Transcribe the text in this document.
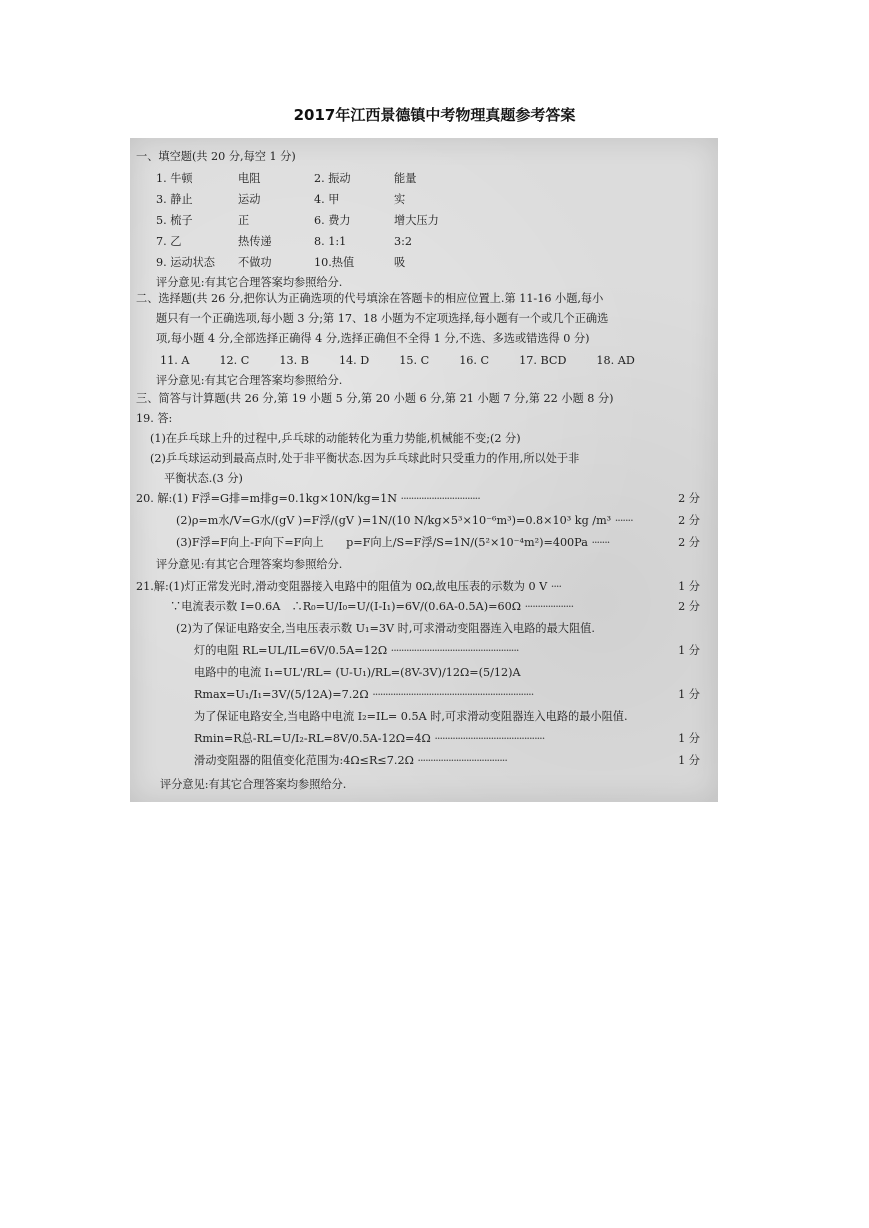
2017年江西景德镇中考物理真题参考答案
一、填空题(共 20 分,每空 1 分)
1. 牛顿	电阻	2. 振动	能量
3. 静止	运动	4. 甲	实
5. 梳子	正	6. 费力	增大压力
7. 乙	热传递	8. 1:1	3:2
9. 运动状态	不做功	10.热值	吸
评分意见:有其它合理答案均参照给分.
二、选择题(共 26 分,把你认为正确选项的代号填涂在答题卡的相应位置上.第 11-16 小题,每小
题只有一个正确选项,每小题 3 分;第 17、18 小题为不定项选择,每小题有一个或几个正确选
项,每小题 4 分,全部选择正确得 4 分,选择正确但不全得 1 分,不选、多选或错选得 0 分)
11. A	12. C	13. B	14. D	15. C	16. C	17. BCD	18. AD
评分意见:有其它合理答案均参照给分.
三、简答与计算题(共 26 分,第 19 小题 5 分,第 20 小题 6 分,第 21 小题 7 分,第 22 小题 8 分)
19. 答:
(1)在乒乓球上升的过程中,乒乓球的动能转化为重力势能,机械能不变;(2 分)
(2)乒乓球运动到最高点时,处于非平衡状态.因为乒乓球此时只受重力的作用,所以处于非
平衡状态.(3 分)
20. 解:(1) F浮=G排=m排g=0.1kg×10N/kg=1N ·······························	2 分
(2)ρ=m水/V=G水/(gV )=F浮/(gV )=1N/(10 N/kg×5³×10⁻⁶m³)=0.8×10³ kg /m³ ·······	2 分
(3)F浮=F向上-F向下=F向上　　p=F向上/S=F浮/S=1N/(5²×10⁻⁴m²)=400Pa ·······	2 分
评分意见:有其它合理答案均参照给分.
21.解:(1)灯正常发光时,滑动变阻器接入电路中的阻值为 0Ω,故电压表的示数为 0 V ····	1 分
∵电流表示数 I=0.6A　∴R₀=U/I₀=U/(I-I₁)=6V/(0.6A-0.5A)=60Ω ···················	2 分
(2)为了保证电路安全,当电压表示数 U₁=3V 时,可求滑动变阻器连入电路的最大阻值.
灯的电阻 RL=UL/IL=6V/0.5A=12Ω ··················································	1 分
电路中的电流 I₁=UL'/RL= (U-U₁)/RL=(8V-3V)/12Ω=(5/12)A
Rmax=U₁/I₁=3V/(5/12A)=7.2Ω ·······························································	1 分
为了保证电路安全,当电路中电流 I₂=IL= 0.5A 时,可求滑动变阻器连入电路的最小阻值.
Rmin=R总-RL=U/I₂-RL=8V/0.5A-12Ω=4Ω ···········································	1 分
滑动变阻器的阻值变化范围为:4Ω≤R≤7.2Ω ···································	1 分
评分意见:有其它合理答案均参照给分.
